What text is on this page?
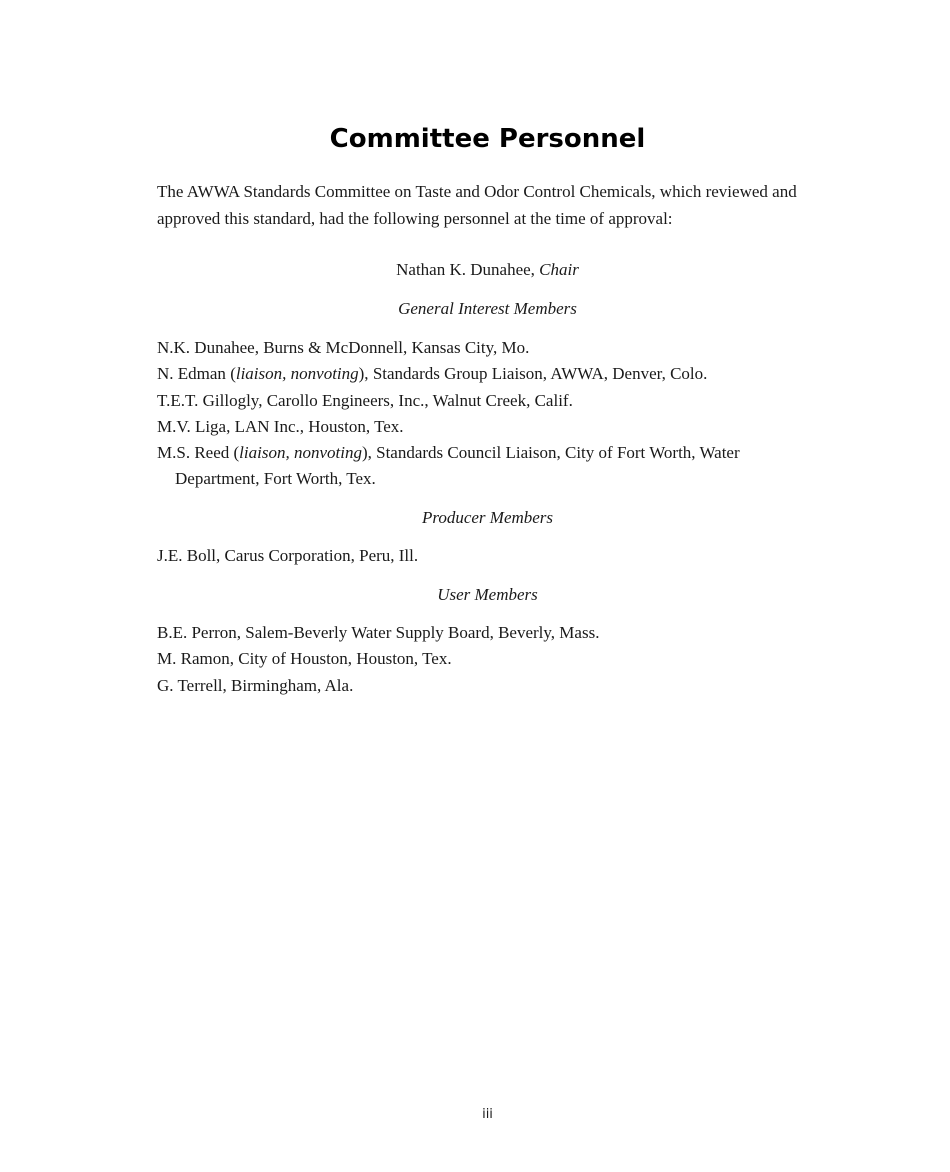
Committee Personnel

The AWWA Standards Committee on Taste and Odor Control Chemicals, which reviewed and approved this standard, had the following personnel at the time of approval:

Nathan K. Dunahee, Chair

General Interest Members

N.K. Dunahee, Burns & McDonnell, Kansas City, Mo.
N. Edman (liaison, nonvoting), Standards Group Liaison, AWWA, Denver, Colo.
T.E.T. Gillogly, Carollo Engineers, Inc., Walnut Creek, Calif.
M.V. Liga, LAN Inc., Houston, Tex.
M.S. Reed (liaison, nonvoting), Standards Council Liaison, City of Fort Worth, Water Department, Fort Worth, Tex.

Producer Members

J.E. Boll, Carus Corporation, Peru, Ill.

User Members

B.E. Perron, Salem-Beverly Water Supply Board, Beverly, Mass.
M. Ramon, City of Houston, Houston, Tex.
G. Terrell, Birmingham, Ala.

iii
